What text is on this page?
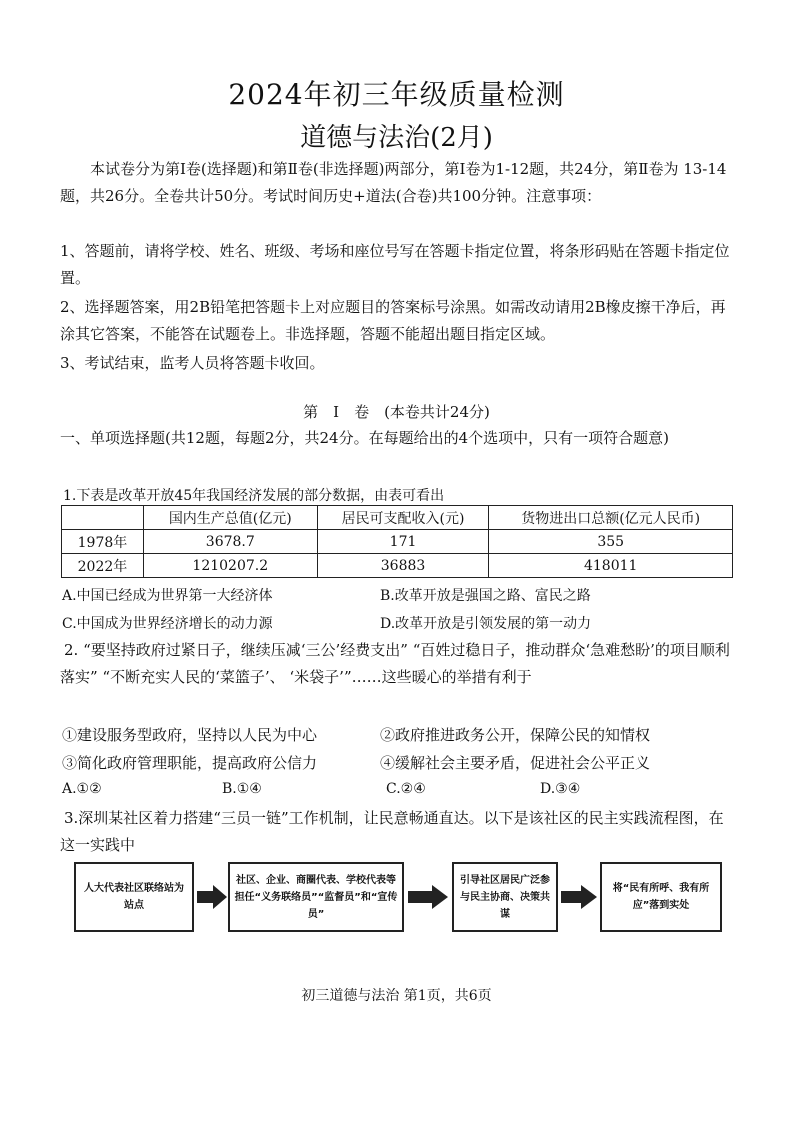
2024年初三年级质量检测
道德与法治(2月)
本试卷分为第Ⅰ卷(选择题)和第Ⅱ卷(非选择题)两部分，第Ⅰ卷为1-12题，共24分，第Ⅱ卷为 13-14题，共26分。全卷共计50分。考试时间历史+道法(合卷)共100分钟。注意事项：
1、答题前，请将学校、姓名、班级、考场和座位号写在答题卡指定位置，将条形码贴在答题卡指定位置。
2、选择题答案，用2B铅笔把答题卡上对应题目的答案标号涂黑。如需改动请用2B橡皮擦干净后，再涂其它答案，不能答在试题卷上。非选择题，答题不能超出题目指定区域。
3、考试结束，监考人员将答题卡收回。
第　Ⅰ　卷　(本卷共计24分)
一、单项选择题(共12题，每题2分，共24分。在每题给出的4个选项中，只有一项符合题意)
1.下表是改革开放45年我国经济发展的部分数据，由表可看出
	国内生产总值(亿元)	居民可支配收入(元)	货物进出口总额(亿元人民币)
1978年	3678.7	171	355
2022年	1210207.2	36883	418011
A.中国已经成为世界第一大经济体	B.改革开放是强国之路、富民之路
C.中国成为世界经济增长的动力源	D.改革开放是引领发展的第一动力
2. “要坚持政府过紧日子，继续压减‘三公’经费支出” “百姓过稳日子，推动群众‘急难愁盼’的项目顺利落实” “不断充实人民的‘菜篮子’、 ‘米袋子’”……这些暖心的举措有利于
①建设服务型政府，坚持以人民为中心	②政府推进政务公开，保障公民的知情权
③简化政府管理职能，提高政府公信力	④缓解社会主要矛盾，促进社会公平正义
A.①②	B.①④	C.②④	D.③④
3.深圳某社区着力搭建“三员一链”工作机制，让民意畅通直达。以下是该社区的民主实践流程图，在这一实践中
人大代表社区联络站为站点
社区、企业、商圈代表、学校代表等担任“义务联络员”“监督员”和“宣传员”
引导社区居民广泛参与民主协商、决策共谋
将“民有所呼、我有所应”落到实处
初三道德与法治 第1页，共6页
